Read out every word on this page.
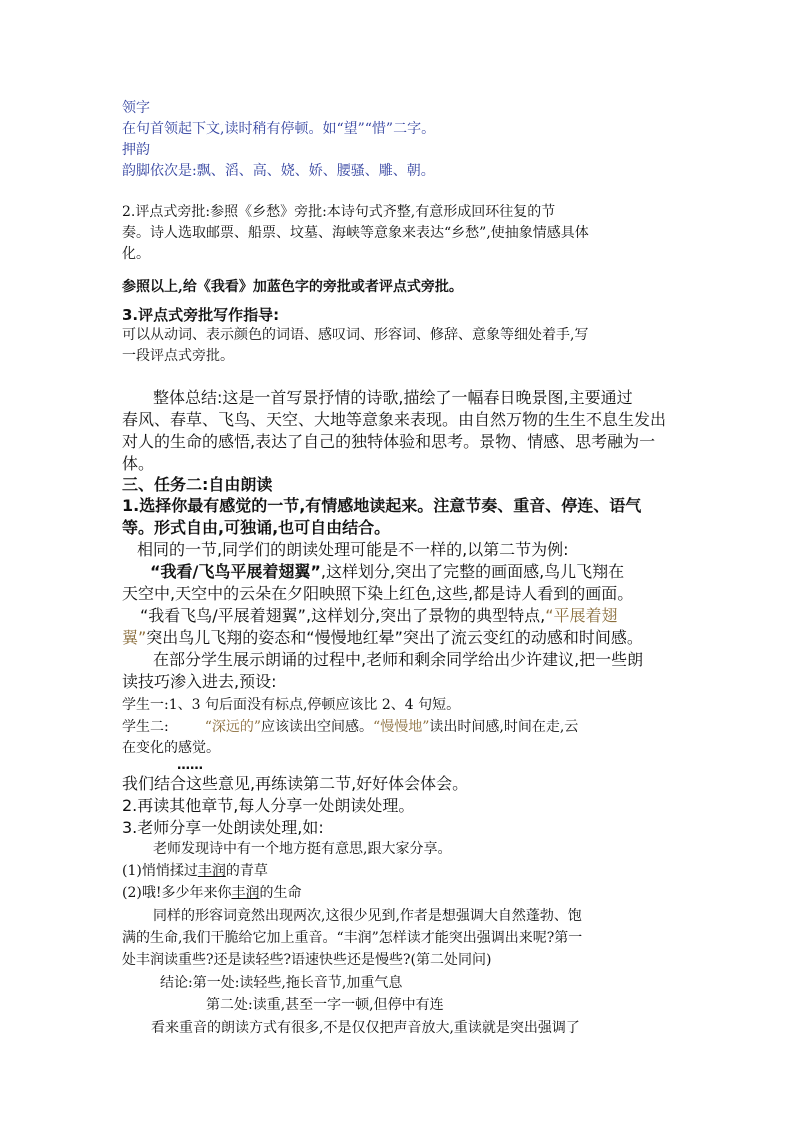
领字
在句首领起下文,读时稍有停顿。如“望”“惜”二字。
押韵
韵脚依次是:飘、滔、高、娆、娇、腰骚、雕、朝。
2.评点式旁批:参照《乡愁》旁批:本诗句式齐整,有意形成回环往复的节
奏。诗人选取邮票、船票、坟墓、海峡等意象来表达“乡愁”,使抽象情感具体
化。
参照以上,给《我看》加蓝色字的旁批或者评点式旁批。
3.评点式旁批写作指导:
可以从动词、表示颜色的词语、感叹词、形容词、修辞、意象等细处着手,写
一段评点式旁批。
整体总结:这是一首写景抒情的诗歌,描绘了一幅春日晚景图,主要通过
春风、春草、飞鸟、天空、大地等意象来表现。由自然万物的生生不息生发出
对人的生命的感悟,表达了自己的独特体验和思考。景物、情感、思考融为一
体。
三、任务二:自由朗读
1.选择你最有感觉的一节,有情感地读起来。注意节奏、重音、停连、语气
等。形式自由,可独诵,也可自由结合。
相同的一节,同学们的朗读处理可能是不一样的,以第二节为例:
“我看/飞鸟平展着翅翼”,这样划分,突出了完整的画面感,鸟儿飞翔在
天空中,天空中的云朵在夕阳映照下染上红色,这些,都是诗人看到的画面。
“我看飞鸟/平展着翅翼”,这样划分,突出了景物的典型特点,“平展着翅
翼”突出鸟儿飞翔的姿态和“慢慢地红晕”突出了流云变红的动感和时间感。
在部分学生展示朗诵的过程中,老师和剩余同学给出少许建议,把一些朗
读技巧渗入进去,预设:
学生一:1、3 句后面没有标点,停顿应该比 2、4 句短。
学生二:	“深远的”应该读出空间感。“慢慢地”读出时间感,时间在走,云
在变化的感觉。
……
我们结合这些意见,再练读第二节,好好体会体会。
2.再读其他章节,每人分享一处朗读处理。
3.老师分享一处朗读处理,如:
老师发现诗中有一个地方挺有意思,跟大家分享。
(1)悄悄揉过丰润的青草
(2)哦!多少年来你丰润的生命
同样的形容词竟然出现两次,这很少见到,作者是想强调大自然蓬勃、饱
满的生命,我们干脆给它加上重音。“丰润”怎样读才能突出强调出来呢?第一
处丰润读重些?还是读轻些?语速快些还是慢些?(第二处同问)
结论:第一处:读轻些,拖长音节,加重气息
第二处:读重,甚至一字一顿,但停中有连
看来重音的朗读方式有很多,不是仅仅把声音放大,重读就是突出强调了
